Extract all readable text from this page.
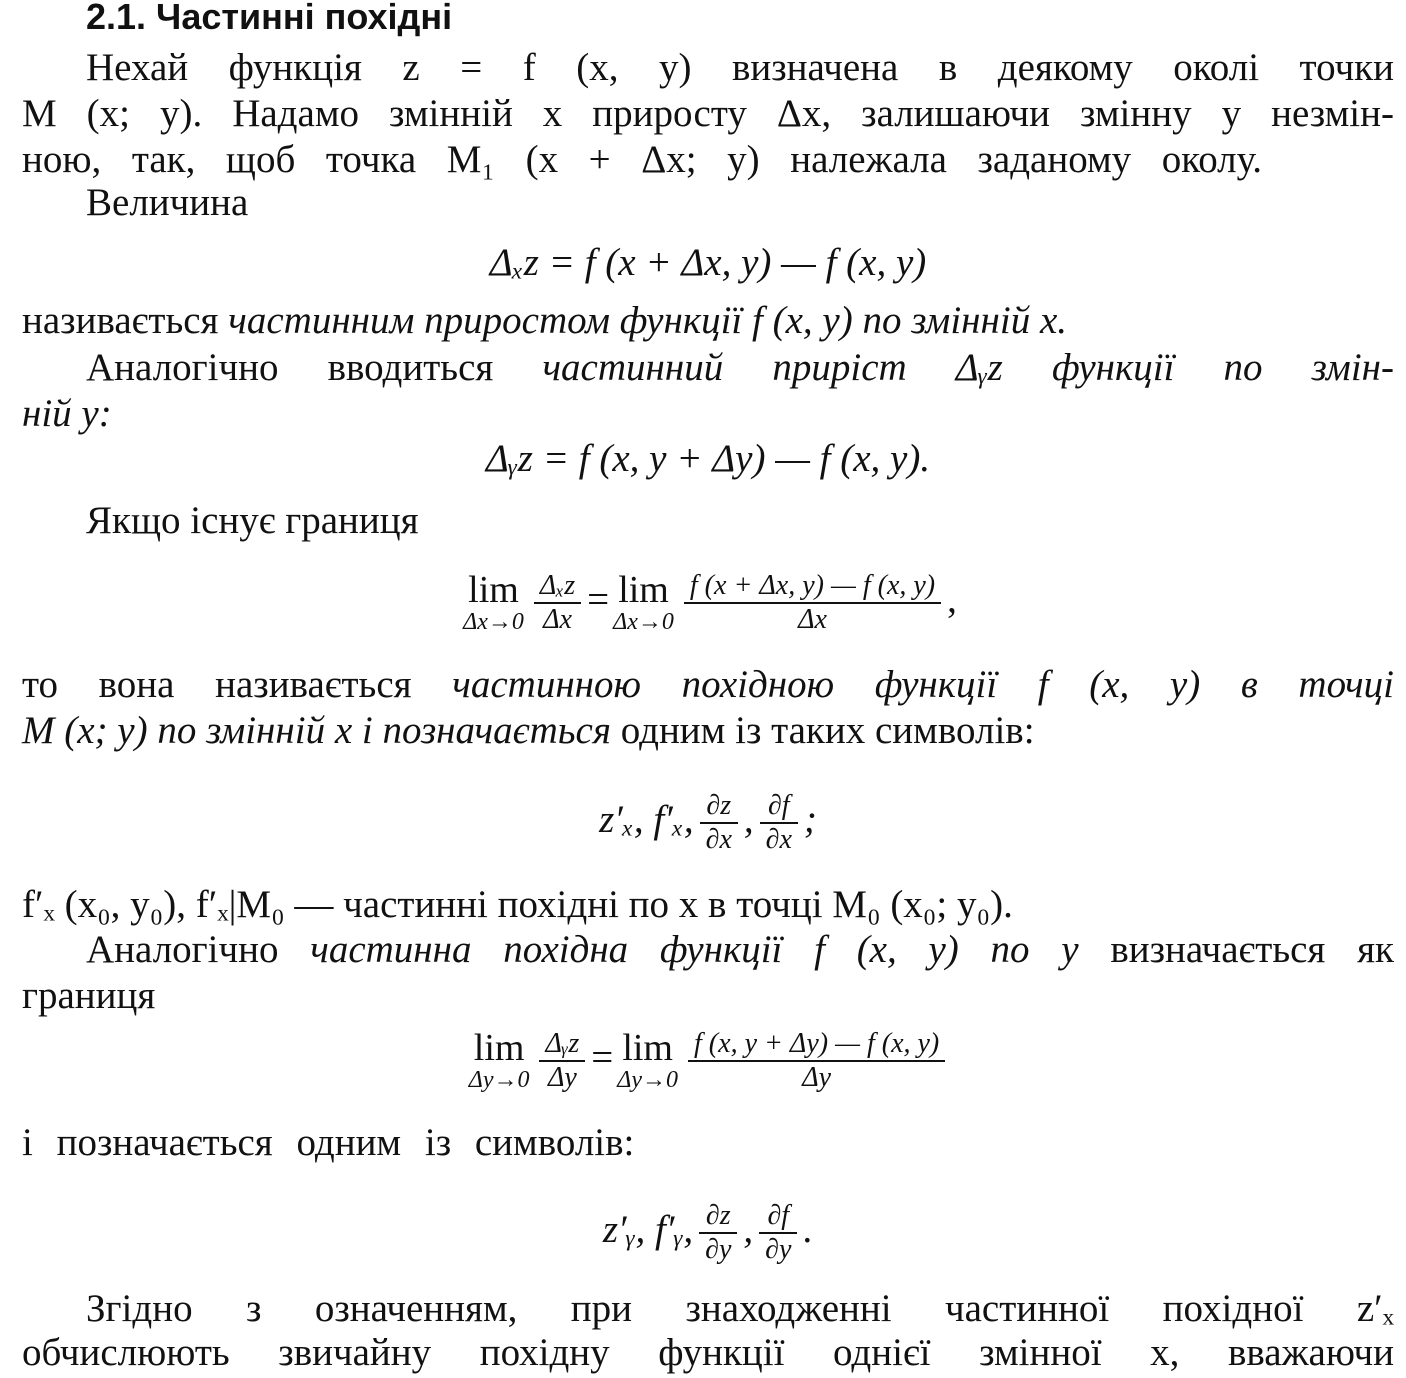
2.1. Частинні похідні
Нехай функція z = f (x, y) визначена в деякому околі точки
M (x; y). Надамо змінній x приросту Δx, залишаючи змінну y незмін-
ною, так, щоб точка M₁ (x + Δx; y) належала заданому околу.
Величина
Δₓz = f (x + Δx, y) — f (x, y)
називається частинним приростом функції f (x, y) по змінній x.
Аналогічно вводиться частинний приріст Δᵧz функції по змін-
ній y:
Δᵧz = f (x, y + Δy) — f (x, y).
Якщо існує границя
lim
$\Delta x\to 0 \frac{\text{Δₓz}}{\Delta x} = \lim$
$\Delta x\to 0 \frac{f (x + \Delta x, y) — f (x, y)}{\Delta x}$ ,
то вона називається частинною похідною функції f (x, y) в точці
M (x; y) по змінній x і позначається одним із таких символів:
z′ₓ, f′ₓ, $\frac{\partial z}{\partial x}$ , $\frac{\partial f}{\partial x}$ ;
f′ₓ (x₀, y₀), f′ₓ|M₀ — частинні похідні по x в точці M₀ (x₀; y₀).
Аналогічно частинна похідна функції f (x, y) по y визначається як
границя
lim
$\Delta y\to 0 \frac{\text{Δᵧz}}{\Delta y} = \lim$
$\Delta y\to 0 \frac{f (x, y + \Delta y) — f (x, y)}{\Delta y}$
і позначається одним із символів:
z′ᵧ, f′ᵧ, $\frac{\partial z}{\partial y}$ , $\frac{\partial f}{\partial y}$ .
Згідно з означенням, при знаходженні частинної похідної z′ₓ
обчислюють звичайну похідну функції однієї змінної x, вважаючи
